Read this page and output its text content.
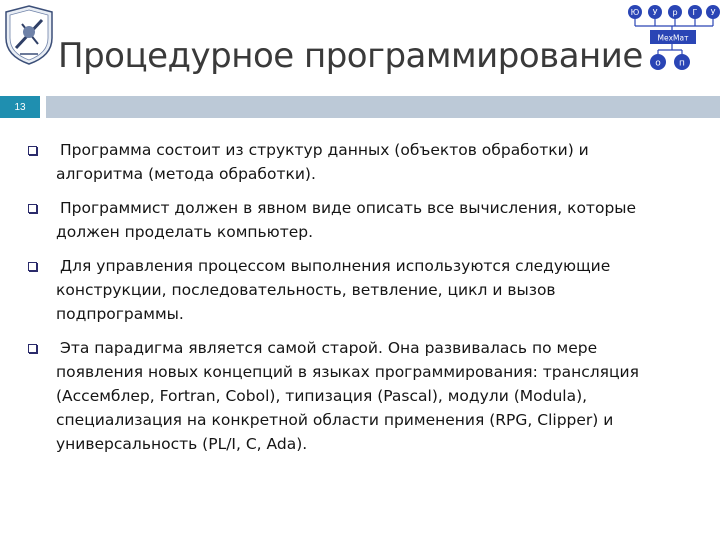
Процедурное программирование
Ю У р Г У
МехМат
о п
13
Программа состоит из структур данных (объектов обработки) и алгоритма (метода обработки).
Программист должен в явном виде описать все вычисления, которые должен проделать компьютер.
Для управления процессом выполнения используются следующие конструкции, последовательность, ветвление, цикл и вызов подпрограммы.
Эта парадигма является самой старой. Она развивалась по мере появления новых концепций в языках программирования: трансляция (Ассемблер, Fortran, Cobol), типизация (Pascal), модули (Modula), специализация на конкретной области применения (RPG, Clipper) и универсальность (PL/I, C, Ada).
